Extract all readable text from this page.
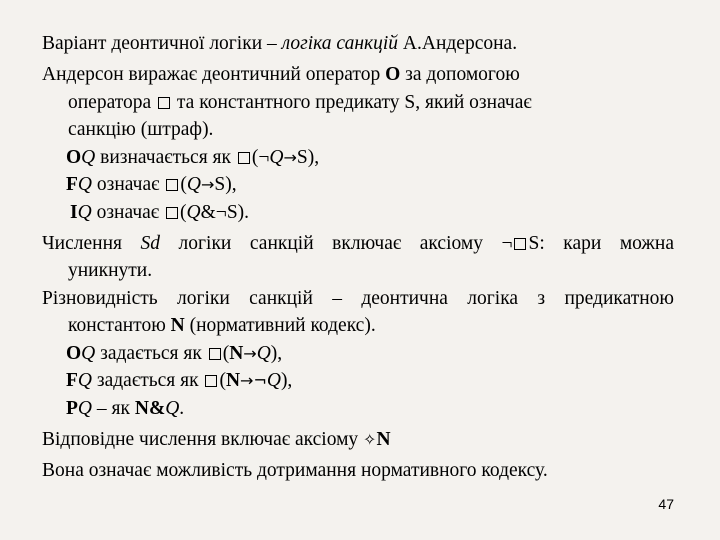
Варіант деонтичної логіки – логіка санкцій А.Андерсона.
Андерсон виражає деонтичний оператор O за допомогою
оператора  та константного предикату S, який означає
санкцію (штраф).
OQ визначається як (¬Q→S),
FQ означає (Q→S),
IQ означає (Q&¬S).
Числення Sd логіки санкцій включає аксіому ¬ S: кари можна
уникнути.
Різновидність логіки санкцій – деонтична логіка з предикатною
константою N (нормативний кодекс).
OQ задається як (N→Q),
FQ задається як (N→¬Q),
PQ – як N&Q.
Відповідне числення включає аксіому ✧N
Вона означає можливість дотримання нормативного кодексу.
47
